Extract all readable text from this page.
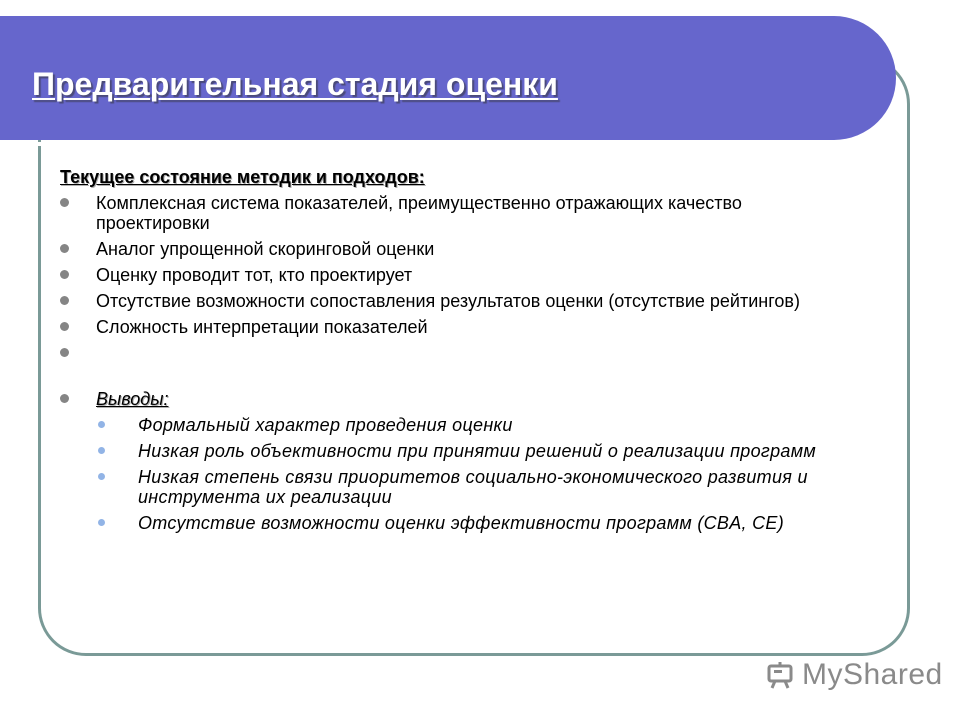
Предварительная стадия оценки
Текущее состояние методик и подходов:
Комплексная система показателей, преимущественно отражающих качество проектировки
Аналог упрощенной скоринговой оценки
Оценку проводит тот, кто проектирует
Отсутствие возможности сопоставления результатов оценки (отсутствие рейтингов)
Сложность интерпретации показателей
Выводы:
Формальный характер проведения оценки
Низкая роль объективности при принятии решений о реализации программ
Низкая степень связи приоритетов социально-экономического развития и инструмента их реализации
Отсутствие возможности оценки эффективности программ (CBA, CE)
MyShared
